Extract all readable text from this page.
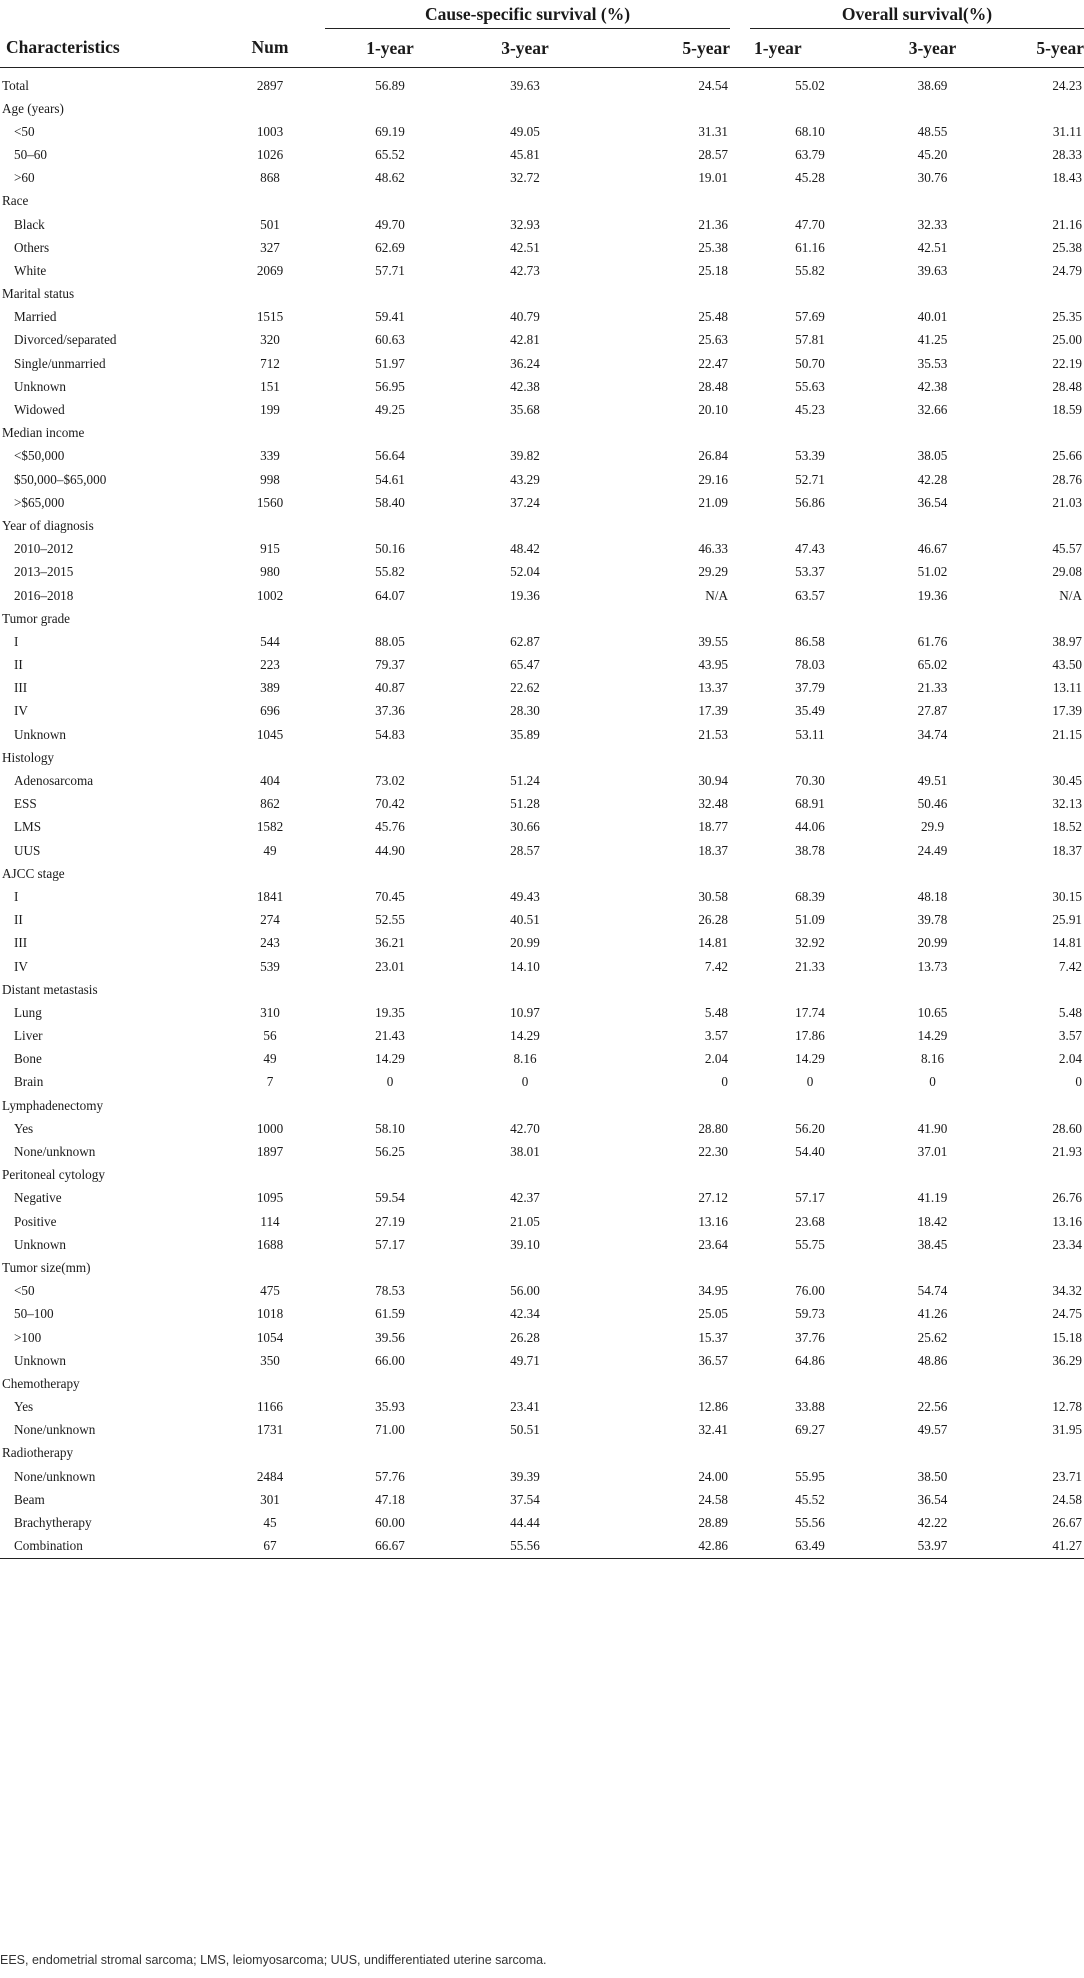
		Cause-specific survival (%)				Overall survival(%)		
Characteristics	Num	1-year	3-year	5-year		1-year	3-year	5-year
Total	2897	56.89	39.63	24.54		55.02	38.69	24.23
Age (years)								
<50	1003	69.19	49.05	31.31		68.10	48.55	31.11
50–60	1026	65.52	45.81	28.57		63.79	45.20	28.33
>60	868	48.62	32.72	19.01		45.28	30.76	18.43
Race								
Black	501	49.70	32.93	21.36		47.70	32.33	21.16
Others	327	62.69	42.51	25.38		61.16	42.51	25.38
White	2069	57.71	42.73	25.18		55.82	39.63	24.79
Marital status								
Married	1515	59.41	40.79	25.48		57.69	40.01	25.35
Divorced/separated	320	60.63	42.81	25.63		57.81	41.25	25.00
Single/unmarried	712	51.97	36.24	22.47		50.70	35.53	22.19
Unknown	151	56.95	42.38	28.48		55.63	42.38	28.48
Widowed	199	49.25	35.68	20.10		45.23	32.66	18.59
Median income								
<$50,000	339	56.64	39.82	26.84		53.39	38.05	25.66
$50,000–$65,000	998	54.61	43.29	29.16		52.71	42.28	28.76
>$65,000	1560	58.40	37.24	21.09		56.86	36.54	21.03
Year of diagnosis								
2010–2012	915	50.16	48.42	46.33		47.43	46.67	45.57
2013–2015	980	55.82	52.04	29.29		53.37	51.02	29.08
2016–2018	1002	64.07	19.36	N/A		63.57	19.36	N/A
Tumor grade								
I	544	88.05	62.87	39.55		86.58	61.76	38.97
II	223	79.37	65.47	43.95		78.03	65.02	43.50
III	389	40.87	22.62	13.37		37.79	21.33	13.11
IV	696	37.36	28.30	17.39		35.49	27.87	17.39
Unknown	1045	54.83	35.89	21.53		53.11	34.74	21.15
Histology								
Adenosarcoma	404	73.02	51.24	30.94		70.30	49.51	30.45
ESS	862	70.42	51.28	32.48		68.91	50.46	32.13
LMS	1582	45.76	30.66	18.77		44.06	29.9	18.52
UUS	49	44.90	28.57	18.37		38.78	24.49	18.37
AJCC stage								
I	1841	70.45	49.43	30.58		68.39	48.18	30.15
II	274	52.55	40.51	26.28		51.09	39.78	25.91
III	243	36.21	20.99	14.81		32.92	20.99	14.81
IV	539	23.01	14.10	7.42		21.33	13.73	7.42
Distant metastasis								
Lung	310	19.35	10.97	5.48		17.74	10.65	5.48
Liver	56	21.43	14.29	3.57		17.86	14.29	3.57
Bone	49	14.29	8.16	2.04		14.29	8.16	2.04
Brain	7	0	0	0		0	0	0
Lymphadenectomy								
Yes	1000	58.10	42.70	28.80		56.20	41.90	28.60
None/unknown	1897	56.25	38.01	22.30		54.40	37.01	21.93
Peritoneal cytology								
Negative	1095	59.54	42.37	27.12		57.17	41.19	26.76
Positive	114	27.19	21.05	13.16		23.68	18.42	13.16
Unknown	1688	57.17	39.10	23.64		55.75	38.45	23.34
Tumor size(mm)								
<50	475	78.53	56.00	34.95		76.00	54.74	34.32
50–100	1018	61.59	42.34	25.05		59.73	41.26	24.75
>100	1054	39.56	26.28	15.37		37.76	25.62	15.18
Unknown	350	66.00	49.71	36.57		64.86	48.86	36.29
Chemotherapy								
Yes	1166	35.93	23.41	12.86		33.88	22.56	12.78
None/unknown	1731	71.00	50.51	32.41		69.27	49.57	31.95
Radiotherapy								
None/unknown	2484	57.76	39.39	24.00		55.95	38.50	23.71
Beam	301	47.18	37.54	24.58		45.52	36.54	24.58
Brachytherapy	45	60.00	44.44	28.89		55.56	42.22	26.67
Combination	67	66.67	55.56	42.86		63.49	53.97	41.27
EES, endometrial stromal sarcoma; LMS, leiomyosarcoma; UUS, undifferentiated uterine sarcoma.
